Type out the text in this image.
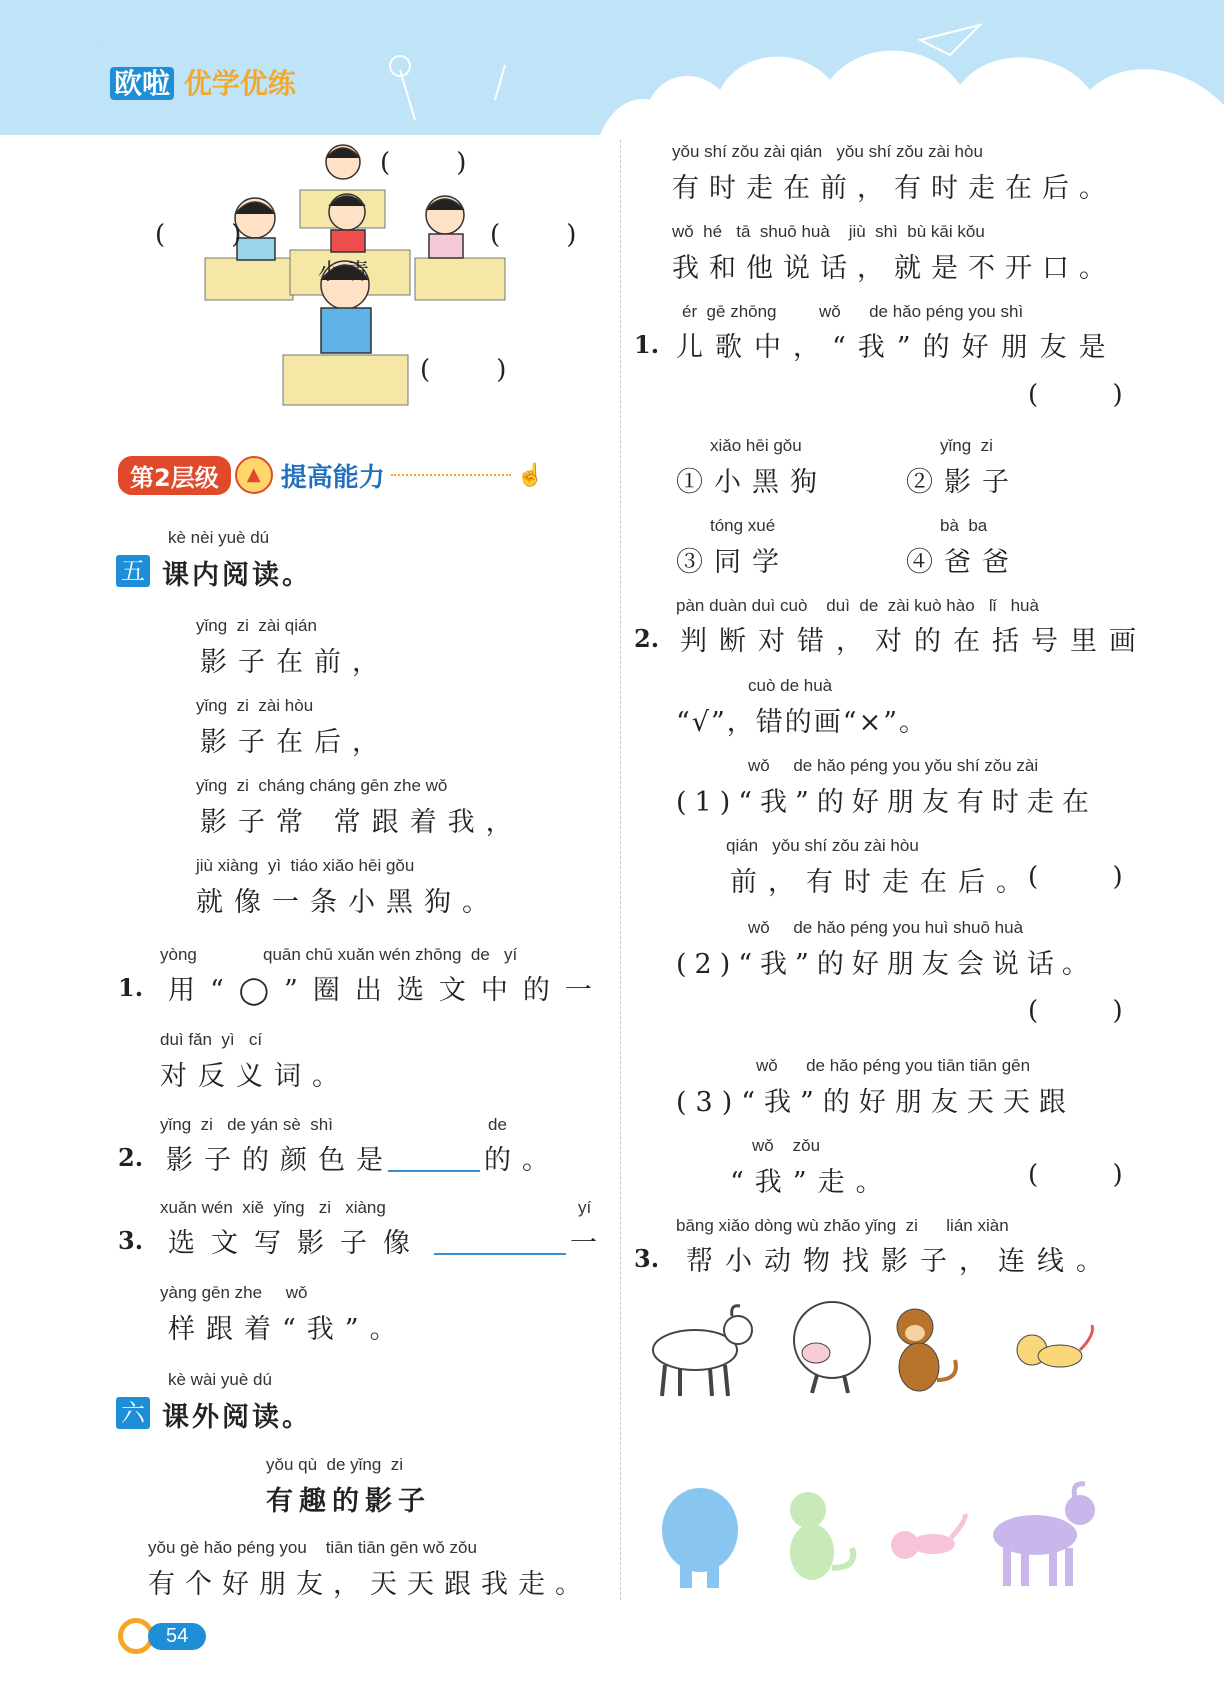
欧啦 优学优练
(        )
(        )	(        )
(        )
小 青
第2层级	▲ 提高能力	☝
kè nèi yuè dú
五 课内阅读。
yǐng  zi  zài qián
影子在前，
yǐng  zi  zài hòu
影子在后，
yǐng  zi  cháng cháng gēn zhe wǒ
影子常 常跟着我，
jiù xiàng  yì  tiáo xiǎo hēi gǒu
就像一条小黑狗。
yòng              quān chū xuǎn wén zhōng  de   yí
1. 用“◯”圈出选文中的一
duì fǎn  yì   cí
对反义词。
yǐng  zi   de yán sè  shì	de
2. 影子的颜色是	的。
xuǎn wén  xiě  yǐng   zi   xiàng	yí
3. 选文写影子像	一
yàng gēn zhe     wǒ
样跟着“我”。
kè wài yuè dú
六 课外阅读。
yǒu qù  de yǐng  zi
有趣的影子
yǒu gè hǎo péng you    tiān tiān gēn wǒ zǒu
有个好朋友，天天跟我走。
yǒu shí zǒu zài qián   yǒu shí zǒu zài hòu
有时走在前，有时走在后。
wǒ  hé   tā  shuō huà    jiù  shì  bù kāi kǒu
我和他说话，就是不开口。
ér  gē zhōng         wǒ      de hǎo péng you shì
1. 儿歌中，“我”的好朋友是
(         )
xiǎo hēi gǒu
①小黑狗
yǐng  zi
②影子
tóng xué
③同学
bà  ba
④爸爸
pàn duàn duì cuò    duì  de  zài kuò hào   lǐ   huà
2. 判断对错，对的在括号里画
cuò de huà
“√”，错的画“×”。
wǒ     de hǎo péng you yǒu shí zǒu zài
(1)“我”的好朋友有时走在
qián   yǒu shí zǒu zài hòu
前，有时走在后。
(         )
wǒ     de hǎo péng you huì shuō huà
(2)“我”的好朋友会说话。
(         )
wǒ      de hǎo péng you tiān tiān gēn
(3)“我”的好朋友天天跟
wǒ    zǒu
“我”走。	(         )
bāng xiǎo dòng wù zhǎo yǐng  zi      lián xiàn
3. 帮小动物找影子，连线。
54
